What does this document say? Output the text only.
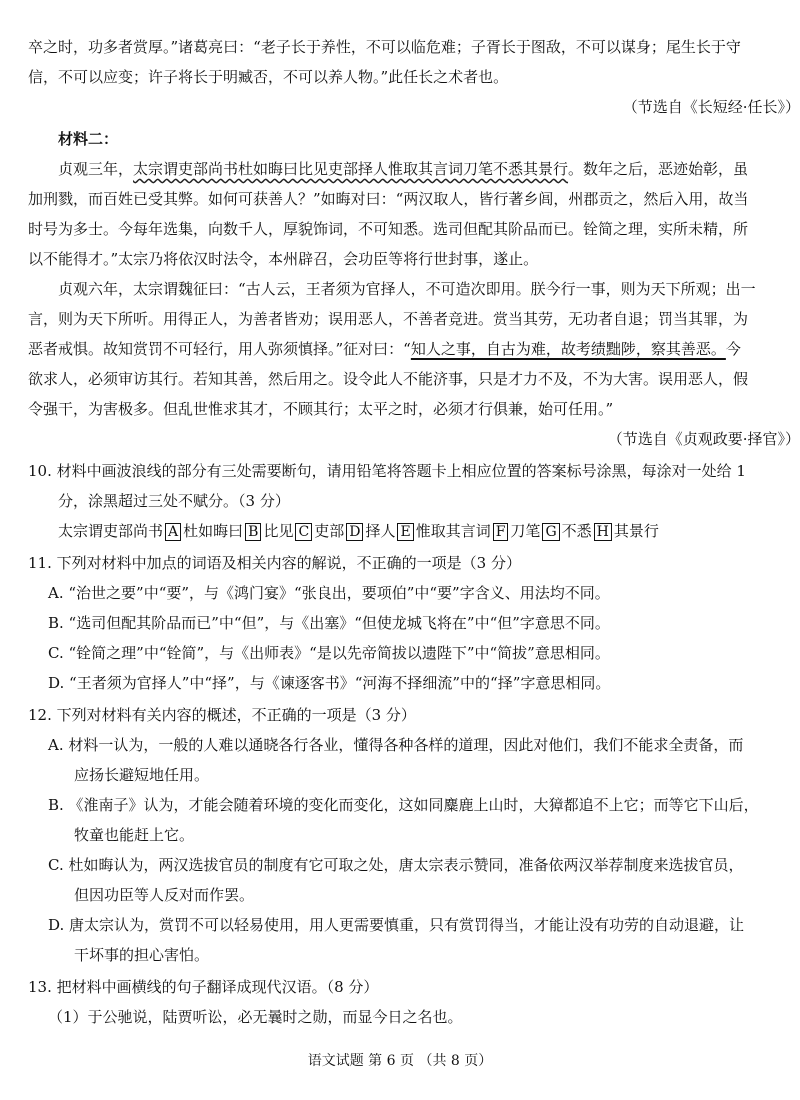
卒之时，功多者赏厚。”诸葛亮曰：“老子长于养性，不可以临危难；子胥长于图敌，不可以谋身；尾生长于守
信，不可以应变；许子将长于明臧否，不可以养人物。”此任长之术者也。
（节选自《长短经·任长》）
材料二：
贞观三年，太宗谓吏部尚书杜如晦曰比见吏部择人惟取其言词刀笔不悉其景行。数年之后，恶迹始彰，虽
加刑戮，而百姓已受其弊。如何可获善人？”如晦对曰：“两汉取人，皆行著乡闾，州郡贡之，然后入用，故当
时号为多士。今每年选集，向数千人，厚貌饰词，不可知悉。选司但配其阶品而已。铨简之理，实所未精，所
以不能得才。”太宗乃将依汉时法令，本州辟召，会功臣等将行世封事，遂止。
贞观六年，太宗谓魏征曰：“古人云，王者须为官择人，不可造次即用。朕今行一事，则为天下所观；出一
言，则为天下所听。用得正人，为善者皆劝；误用恶人，不善者竞进。赏当其劳，无功者自退；罚当其罪，为
恶者戒惧。故知赏罚不可轻行，用人弥须慎择。”征对曰：“知人之事，自古为难，故考绩黜陟，察其善恶。今
欲求人，必须审访其行。若知其善，然后用之。设令此人不能济事，只是才力不及，不为大害。误用恶人，假
令强干，为害极多。但乱世惟求其才，不顾其行；太平之时，必须才行俱兼，始可任用。”
（节选自《贞观政要·择官》）
10. 材料中画波浪线的部分有三处需要断句，请用铅笔将答题卡上相应位置的答案标号涂黑，每涂对一处给 1
分，涂黑超过三处不赋分。（3 分）
太宗谓吏部尚书 A 杜如晦曰 B 比见 C 吏部 D 择人 E 惟取其言词 F 刀笔 G 不悉 H 其景行
11. 下列对材料中加点的词语及相关内容的解说，不正确的一项是（3 分）
A. “治世之要”中“要”，与《鸿门宴》“张良出，要项伯”中“要”字含义、用法均不同。
B. “选司但配其阶品而已”中“但”，与《出塞》“但使龙城飞将在”中“但”字意思不同。
C. “铨简之理”中“铨简”，与《出师表》“是以先帝简拔以遗陛下”中“简拔”意思相同。
D. “王者须为官择人”中“择”，与《谏逐客书》“河海不择细流”中的“择”字意思相同。
12. 下列对材料有关内容的概述，不正确的一项是（3 分）
A. 材料一认为，一般的人难以通晓各行各业，懂得各种各样的道理，因此对他们，我们不能求全责备，而
应扬长避短地任用。
B. 《淮南子》认为，才能会随着环境的变化而变化，这如同麋鹿上山时，大獐都追不上它；而等它下山后，
牧童也能赶上它。
C. 杜如晦认为，两汉选拔官员的制度有它可取之处，唐太宗表示赞同，准备依两汉举荐制度来选拔官员，
但因功臣等人反对而作罢。
D. 唐太宗认为，赏罚不可以轻易使用，用人更需要慎重，只有赏罚得当，才能让没有功劳的自动退避，让
干坏事的担心害怕。
13. 把材料中画横线的句子翻译成现代汉语。（8 分）
（1）于公驰说，陆贾听讼，必无曩时之勋，而显今日之名也。
语文试题 第 6 页 （共 8 页）
